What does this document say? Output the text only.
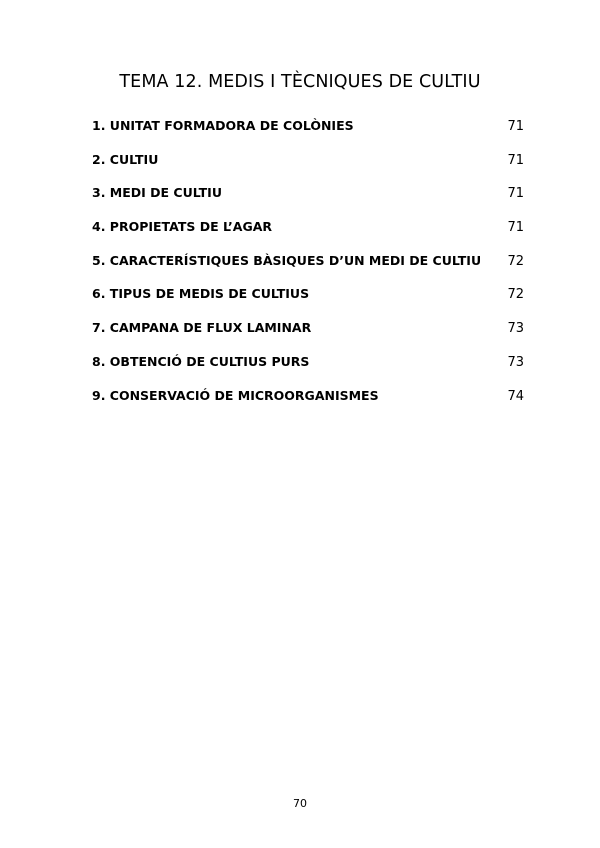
TEMA 12. MEDIS I TÈCNIQUES DE CULTIU
1. UNITAT FORMADORA DE COLÒNIES	71
2. CULTIU	71
3. MEDI DE CULTIU	71
4. PROPIETATS DE L’AGAR	71
5. CARACTERÍSTIQUES BÀSIQUES D’UN MEDI DE CULTIU 72
6. TIPUS DE MEDIS DE CULTIUS	72
7. CAMPANA DE FLUX LAMINAR	73
8. OBTENCIÓ DE CULTIUS PURS	73
9. CONSERVACIÓ DE MICROORGANISMES	74
70
